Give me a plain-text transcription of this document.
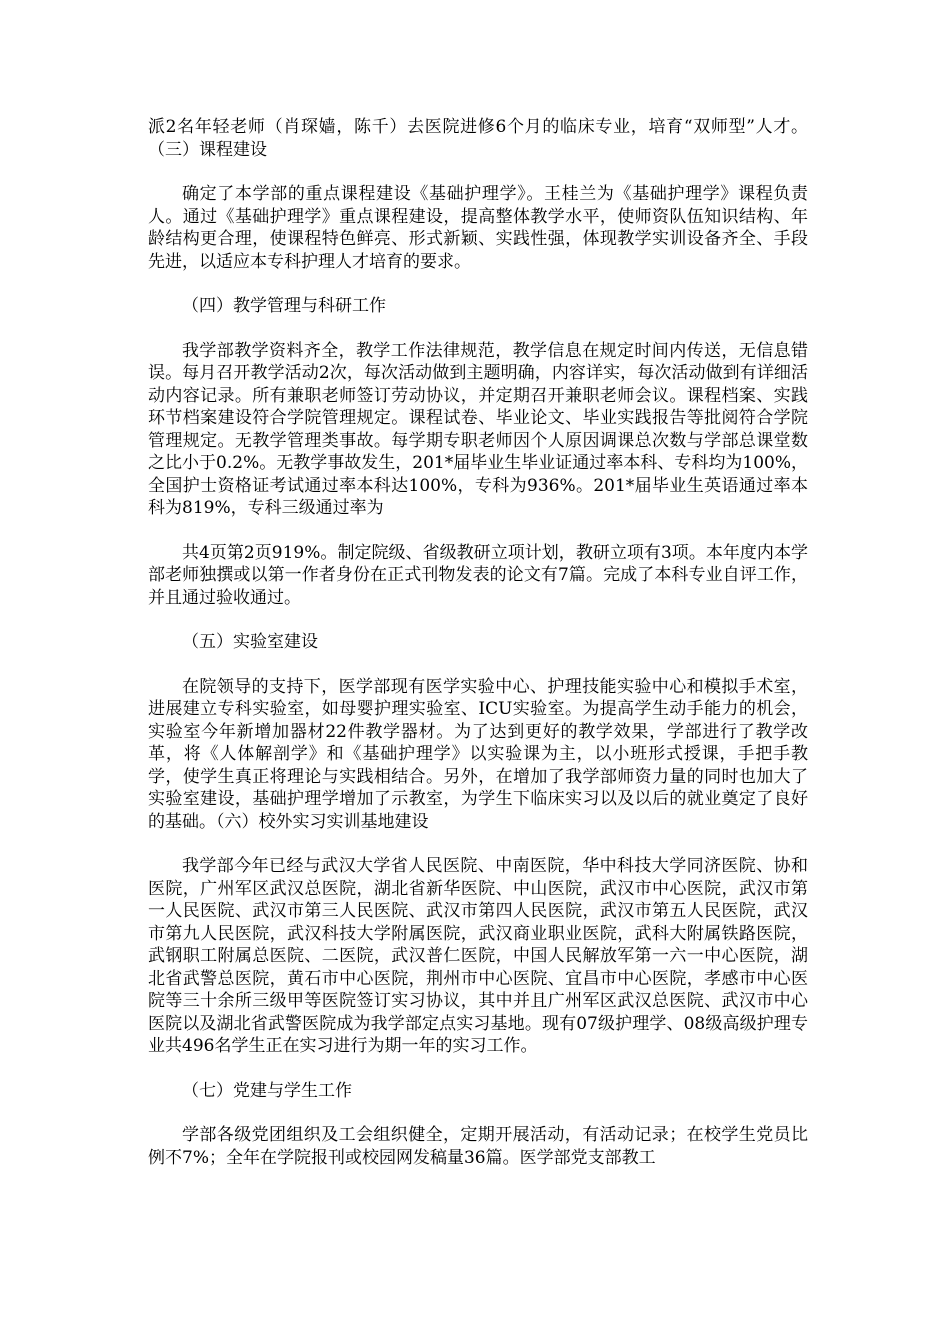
派2名年轻老师（肖琛嫱，陈千）去医院进修6个月的临床专业，培育“双师型”人才。（三）课程建设

确定了本学部的重点课程建设《基础护理学》。王桂兰为《基础护理学》课程负责人。通过《基础护理学》重点课程建设，提高整体教学水平，使师资队伍知识结构、年龄结构更合理，使课程特色鲜亮、形式新颖、实践性强，体现教学实训设备齐全、手段先进，以适应本专科护理人才培育的要求。

（四）教学管理与科研工作

我学部教学资料齐全，教学工作法律规范，教学信息在规定时间内传送，无信息错误。每月召开教学活动2次，每次活动做到主题明确，内容详实，每次活动做到有详细活动内容记录。所有兼职老师签订劳动协议，并定期召开兼职老师会议。课程档案、实践环节档案建设符合学院管理规定。课程试卷、毕业论文、毕业实践报告等批阅符合学院管理规定。无教学管理类事故。每学期专职老师因个人原因调课总次数与学部总课堂数之比小于0.2%。无教学事故发生，201*届毕业生毕业证通过率本科、专科均为100%，全国护士资格证考试通过率本科达100%，专科为936%。201*届毕业生英语通过率本科为819%，专科三级通过率为

共4页第2页919%。制定院级、省级教研立项计划，教研立项有3项。本年度内本学部老师独撰或以第一作者身份在正式刊物发表的论文有7篇。完成了本科专业自评工作，并且通过验收通过。

（五）实验室建设

在院领导的支持下，医学部现有医学实验中心、护理技能实验中心和模拟手术室，进展建立专科实验室，如母婴护理实验室、ICU实验室。为提高学生动手能力的机会，实验室今年新增加器材22件教学器材。为了达到更好的教学效果，学部进行了教学改革，将《人体解剖学》和《基础护理学》以实验课为主，以小班形式授课，手把手教学，使学生真正将理论与实践相结合。另外，在增加了我学部师资力量的同时也加大了实验室建设，基础护理学增加了示教室，为学生下临床实习以及以后的就业奠定了良好的基础。（六）校外实习实训基地建设

我学部今年已经与武汉大学省人民医院、中南医院，华中科技大学同济医院、协和医院，广州军区武汉总医院，湖北省新华医院、中山医院，武汉市中心医院，武汉市第一人民医院、武汉市第三人民医院、武汉市第四人民医院，武汉市第五人民医院，武汉市第九人民医院，武汉科技大学附属医院，武汉商业职业医院，武科大附属铁路医院，武钢职工附属总医院、二医院，武汉普仁医院，中国人民解放军第一六一中心医院，湖北省武警总医院，黄石市中心医院，荆州市中心医院、宜昌市中心医院，孝感市中心医院等三十余所三级甲等医院签订实习协议，其中并且广州军区武汉总医院、武汉市中心医院以及湖北省武警医院成为我学部定点实习基地。现有07级护理学、08级高级护理专业共496名学生正在实习进行为期一年的实习工作。

（七）党建与学生工作

学部各级党团组织及工会组织健全，定期开展活动，有活动记录；在校学生党员比例不7%；全年在学院报刊或校园网发稿量36篇。医学部党支部教工
